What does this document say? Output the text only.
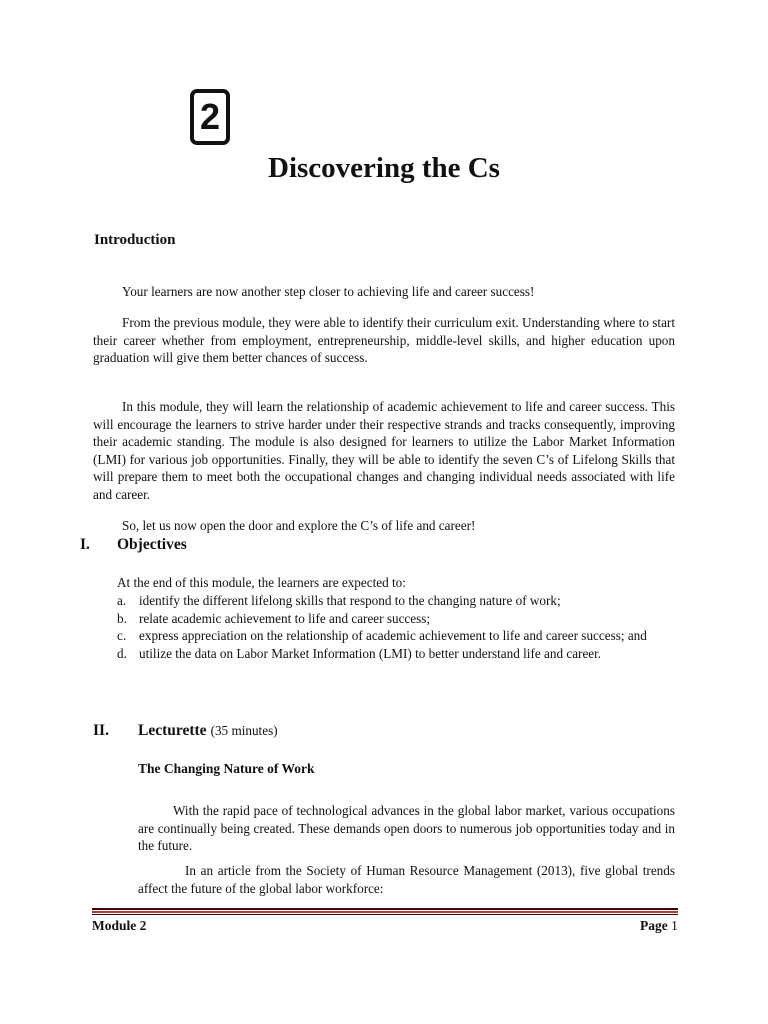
2
Discovering the Cs
Introduction

Your learners are now another step closer to achieving life and career success!

From the previous module, they were able to identify their curriculum exit. Understanding where to start their career whether from employment, entrepreneurship, middle-level skills, and higher education upon graduation will give them better chances of success.

In this module, they will learn the relationship of academic achievement to life and career success. This will encourage the learners to strive harder under their respective strands and tracks consequently, improving their academic standing. The module is also designed for learners to utilize the Labor Market Information (LMI) for various job opportunities. Finally, they will be able to identify the seven C’s of Lifelong Skills that will prepare them to meet both the occupational changes and changing individual needs associated with life and career.

So, let us now open the door and explore the C’s of life and career!

I. Objectives
At the end of this module, the learners are expected to:
a. identify the different lifelong skills that respond to the changing nature of work;
b. relate academic achievement to life and career success;
c. express appreciation on the relationship of academic achievement to life and career success; and
d. utilize the data on Labor Market Information (LMI) to better understand life and career.
II. Lecturette (35 minutes)
The Changing Nature of Work

With the rapid pace of technological advances in the global labor market, various occupations are continually being created. These demands open doors to numerous job opportunities today and in the future.

In an article from the Society of Human Resource Management (2013), five global trends affect the future of the global labor workforce:

Module 2	Page 1
